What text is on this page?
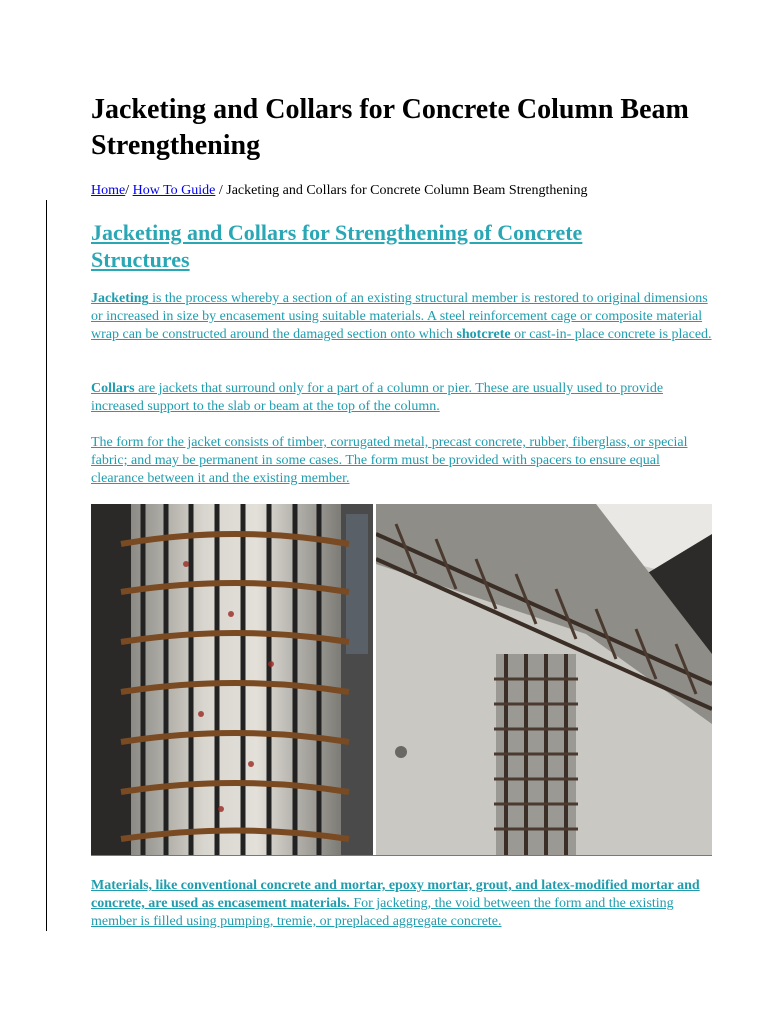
Jacketing and Collars for Concrete Column Beam Strengthening
Home/ How To Guide / Jacketing and Collars for Concrete Column Beam Strengthening
Jacketing and Collars for Strengthening of Concrete Structures

Jacketing is the process whereby a section of an existing structural member is restored to original dimensions or increased in size by encasement using suitable materials. A steel reinforcement cage or composite material wrap can be constructed around the damaged section onto which shotcrete or cast-in- place concrete is placed.

Collars are jackets that surround only for a part of a column or pier. These are usually used to provide increased support to the slab or beam at the top of the column.

The form for the jacket consists of timber, corrugated metal, precast concrete, rubber, fiberglass, or special fabric; and may be permanent in some cases. The form must be provided with spacers to ensure equal clearance between it and the existing member.

Materials, like conventional concrete and mortar, epoxy mortar, grout, and latex-modified mortar and concrete, are used as encasement materials. For jacketing, the void between the form and the existing member is filled using pumping, tremie, or preplaced aggregate concrete.
